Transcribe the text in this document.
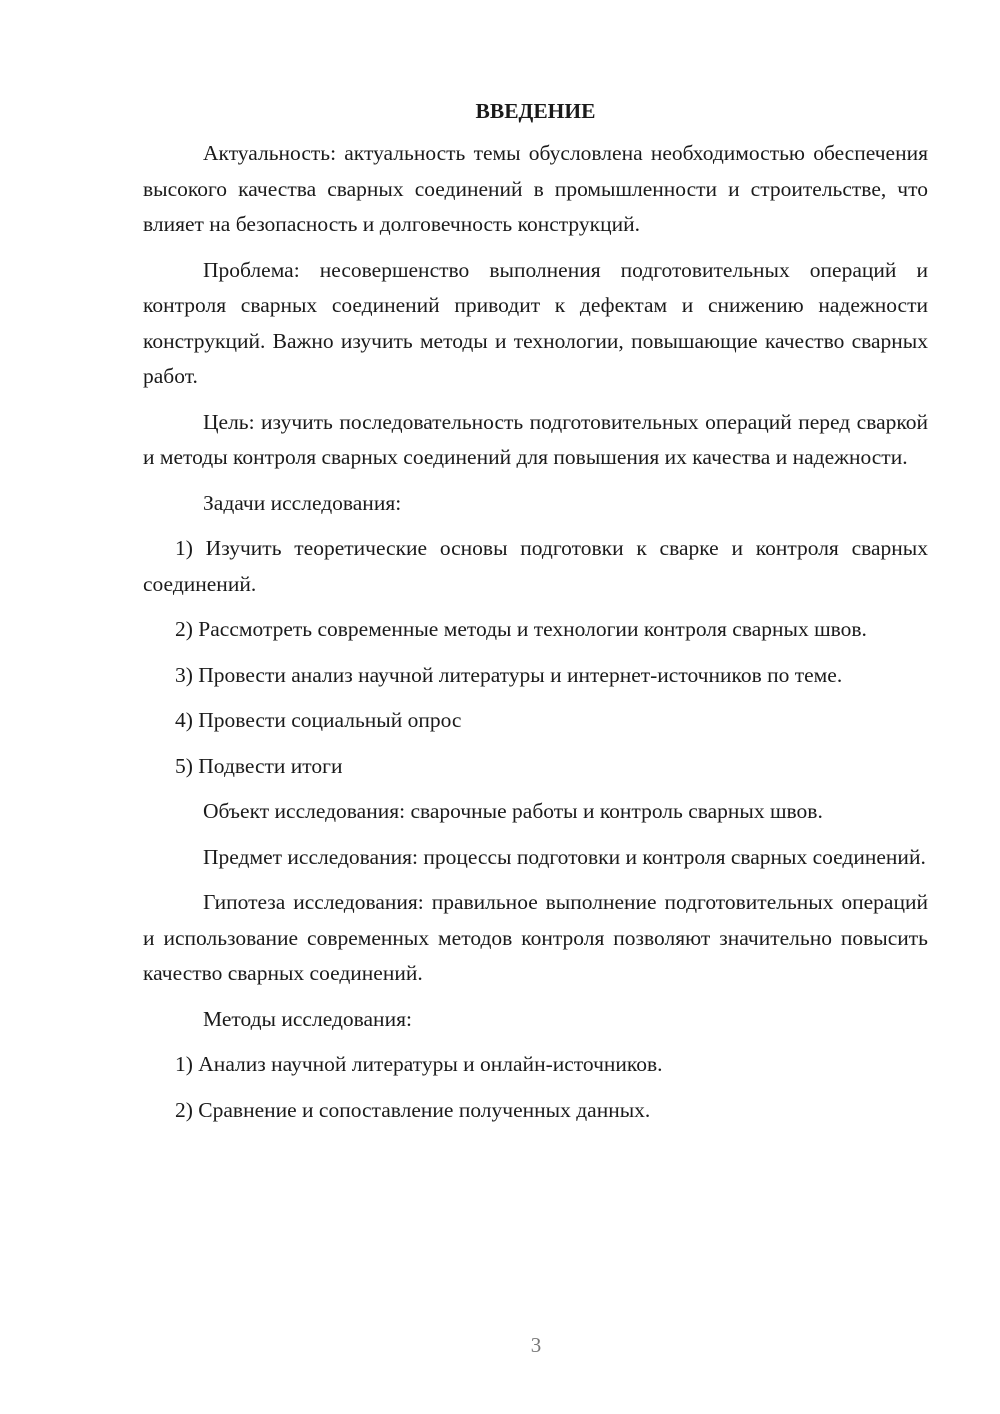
ВВЕДЕНИЕ

Актуальность: актуальность темы обусловлена необходимостью обеспечения высокого качества сварных соединений в промышленности и строительстве, что влияет на безопасность и долговечность конструкций.

Проблема: несовершенство выполнения подготовительных операций и контроля сварных соединений приводит к дефектам и снижению надежности конструкций. Важно изучить методы и технологии, повышающие качество сварных работ.

Цель: изучить последовательность подготовительных операций перед сваркой и методы контроля сварных соединений для повышения их качества и надежности.

Задачи исследования:

1) Изучить теоретические основы подготовки к сварке и контроля сварных соединений.

2) Рассмотреть современные методы и технологии контроля сварных швов.

3) Провести анализ научной литературы и интернет-источников по теме.

4) Провести социальный опрос

5) Подвести итоги

Объект исследования: сварочные работы и контроль сварных швов.

Предмет исследования: процессы подготовки и контроля сварных соединений.

Гипотеза исследования: правильное выполнение подготовительных операций и использование современных методов контроля позволяют значительно повысить качество сварных соединений.

Методы исследования:

1) Анализ научной литературы и онлайн-источников.

2) Сравнение и сопоставление полученных данных.

3
